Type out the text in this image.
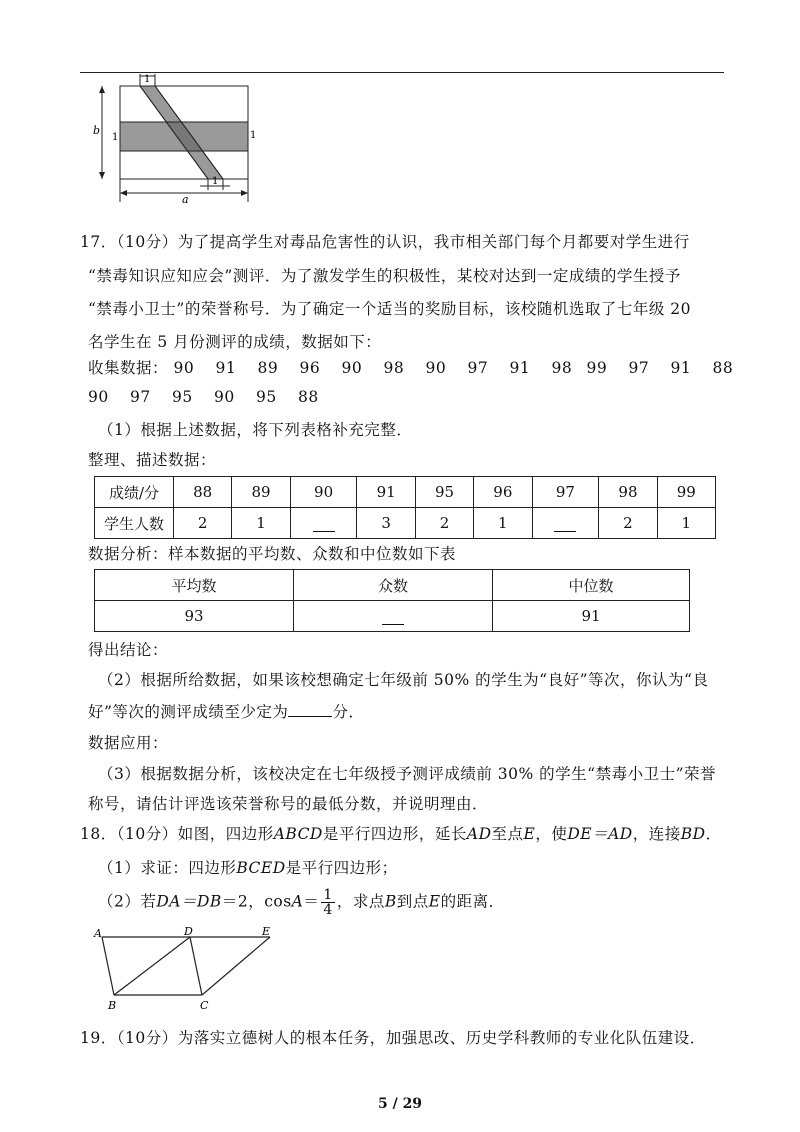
1
b
1	1
1
a
17．（10分）为了提高学生对毒品危害性的认识，我市相关部门每个月都要对学生进行
“禁毒知识应知应会”测评．为了激发学生的积极性，某校对达到一定成绩的学生授予
“禁毒小卫士”的荣誉称号．为了确定一个适当的奖励目标，该校随机选取了七年级 20
名学生在 5 月份测评的成绩，数据如下：
收集数据： 90 91 89 96 90 98 90 97 91 98 99 97 91 88
90 97 95 90 95 88
（1）根据上述数据，将下列表格补充完整．
整理、描述数据：
成绩/分	88	89	90	91	95	96	97	98	99
学生人数	2	1		3	2	1		2	1
数据分析：样本数据的平均数、众数和中位数如下表
平均数	众数	中位数
93		91
得出结论：
（2）根据所给数据，如果该校想确定七年级前 50% 的学生为“良好”等次，你认为“良
好”等次的测评成绩至少定为	分．
数据应用：
（3）根据数据分析，该校决定在七年级授予测评成绩前 30% 的学生“禁毒小卫士”荣誉
称号，请估计评选该荣誉称号的最低分数，并说明理由．
18．（10分）如图，四边形ABCD是平行四边形，延长AD至点E，使DE＝AD，连接BD．
（1）求证：四边形BCED是平行四边形；
（2）若DA＝DB＝2，$\cos A= \frac{1}{4}$ ，求点B到点E的距离．
A	D	E
B	C
19．（10分）为落实立德树人的根本任务，加强思改、历史学科教师的专业化队伍建设．
5 / 29
